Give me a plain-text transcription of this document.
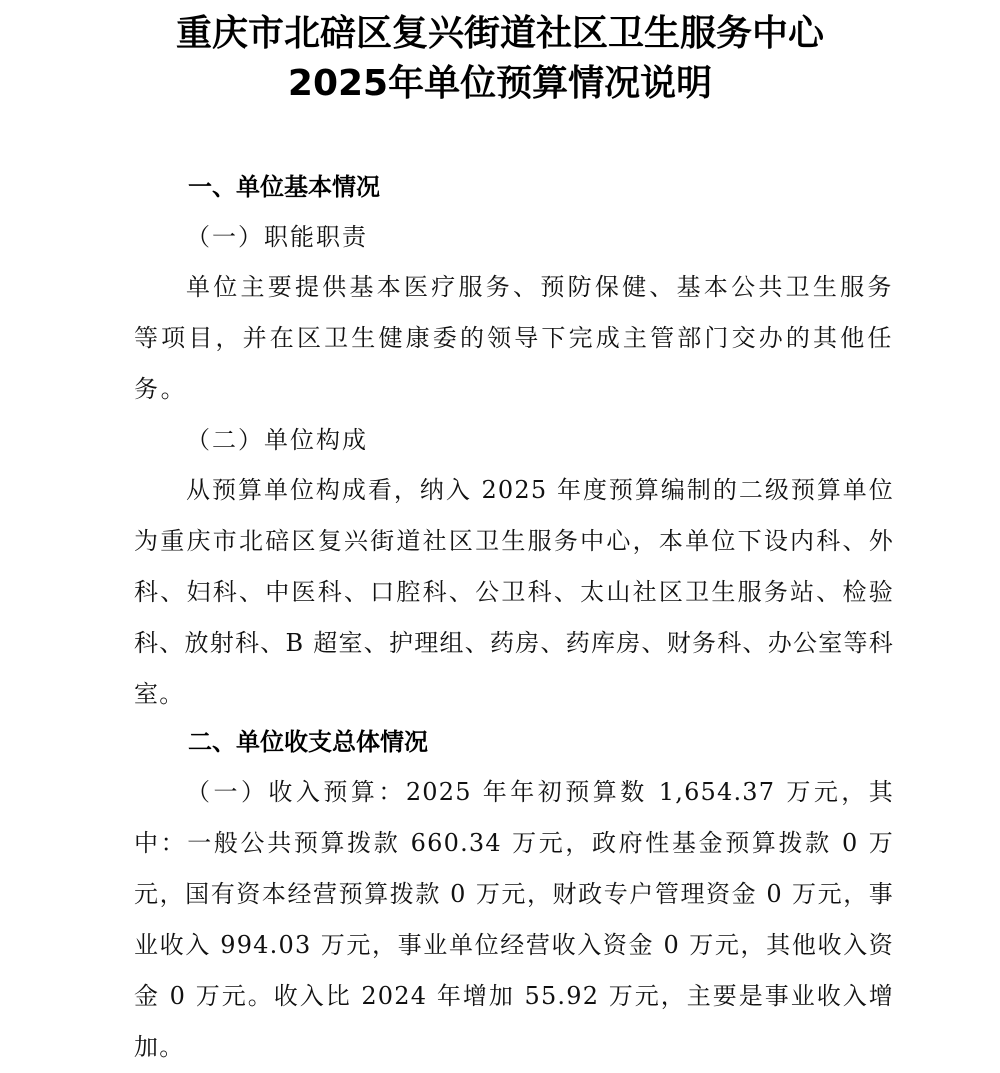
重庆市北碚区复兴街道社区卫生服务中心
2025年单位预算情况说明
一、单位基本情况
（一）职能职责
单位主要提供基本医疗服务、预防保健、基本公共卫生服务等项目，并在区卫生健康委的领导下完成主管部门交办的其他任务。
（二）单位构成
从预算单位构成看，纳入 2025 年度预算编制的二级预算单位为重庆市北碚区复兴街道社区卫生服务中心，本单位下设内科、外科、妇科、中医科、口腔科、公卫科、太山社区卫生服务站、检验科、放射科、B 超室、护理组、药房、药库房、财务科、办公室等科室。
二、单位收支总体情况
（一）收入预算：2025 年年初预算数 1,654.37 万元，其中：一般公共预算拨款 660.34 万元，政府性基金预算拨款 0 万元，国有资本经营预算拨款 0 万元，财政专户管理资金 0 万元，事业收入 994.03 万元，事业单位经营收入资金 0 万元，其他收入资金 0 万元。收入比 2024 年增加 55.92 万元，主要是事业收入增加。
